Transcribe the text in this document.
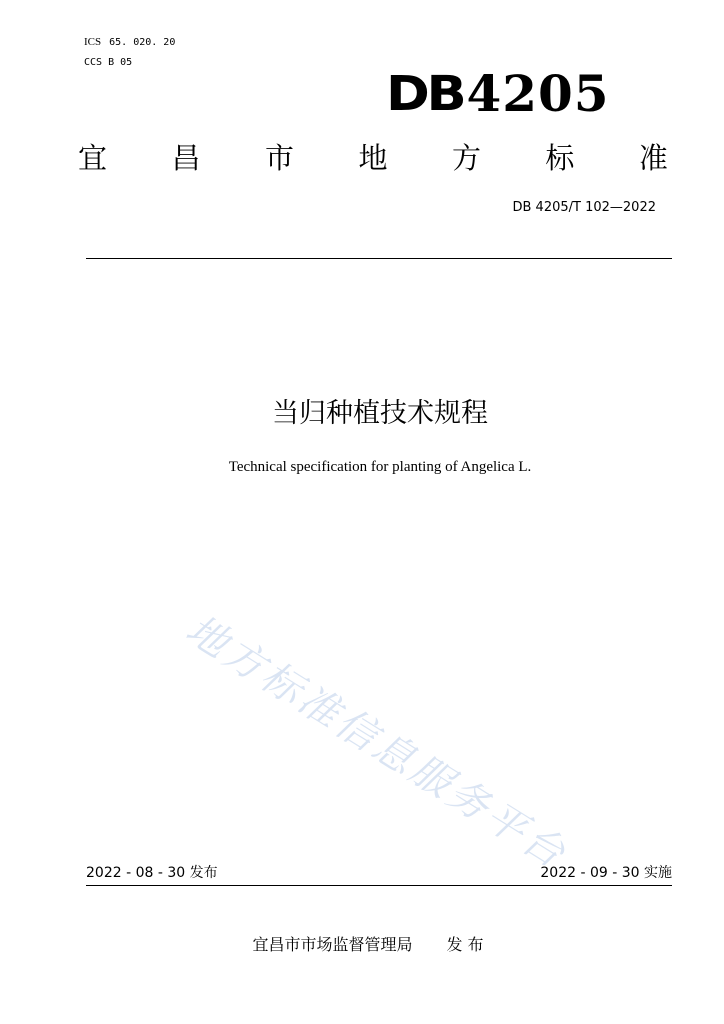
ICS 65. 020. 20
CCS B 05
DB 4205
宜 昌 市 地 方 标 准
DB 4205/T 102—2022
当归种植技术规程
Technical specification for planting of Angelica L.
地方标准信息服务平台
2022 - 08 - 30 发布	2022 - 09 - 30 实施
宜昌市市场监督管理局 发 布
